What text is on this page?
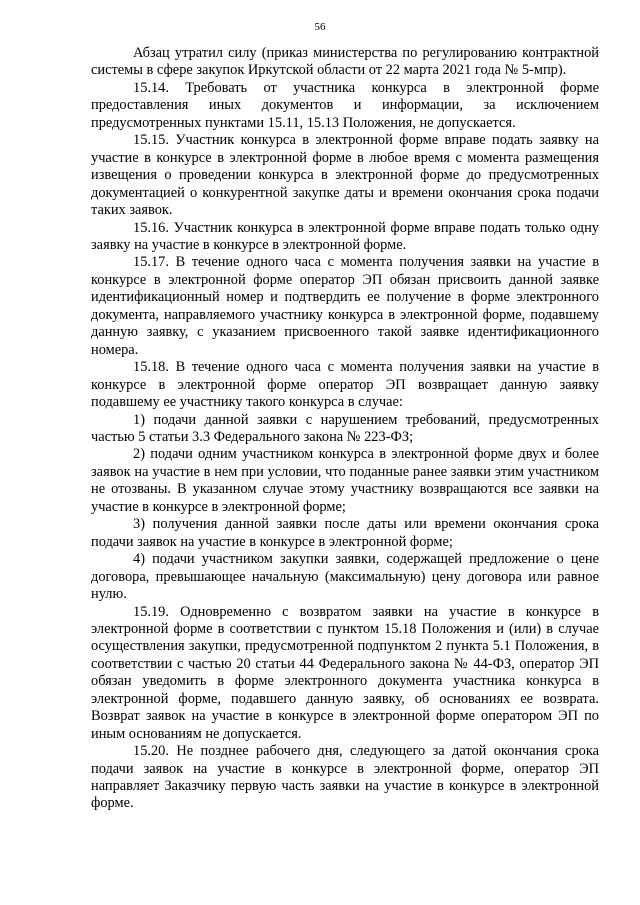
56

Абзац утратил силу (приказ министерства по регулированию контрактной системы в сфере закупок Иркутской области от 22 марта 2021 года № 5-мпр).

15.14. Требовать от участника конкурса в электронной форме предоставления иных документов и информации, за исключением предусмотренных пунктами 15.11, 15.13 Положения, не допускается.

15.15. Участник конкурса в электронной форме вправе подать заявку на участие в конкурсе в электронной форме в любое время с момента размещения извещения о проведении конкурса в электронной форме до предусмотренных документацией о конкурентной закупке даты и времени окончания срока подачи таких заявок.

15.16. Участник конкурса в электронной форме вправе подать только одну заявку на участие в конкурсе в электронной форме.

15.17. В течение одного часа с момента получения заявки на участие в конкурсе в электронной форме оператор ЭП обязан присвоить данной заявке идентификационный номер и подтвердить ее получение в форме электронного документа, направляемого участнику конкурса в электронной форме, подавшему данную заявку, с указанием присвоенного такой заявке идентификационного номера.

15.18. В течение одного часа с момента получения заявки на участие в конкурсе в электронной форме оператор ЭП возвращает данную заявку подавшему ее участнику такого конкурса в случае:

1) подачи данной заявки с нарушением требований, предусмотренных частью 5 статьи 3.3 Федерального закона № 223-ФЗ;

2) подачи одним участником конкурса в электронной форме двух и более заявок на участие в нем при условии, что поданные ранее заявки этим участником не отозваны. В указанном случае этому участнику возвращаются все заявки на участие в конкурсе в электронной форме;

3) получения данной заявки после даты или времени окончания срока подачи заявок на участие в конкурсе в электронной форме;

4) подачи участником закупки заявки, содержащей предложение о цене договора, превышающее начальную (максимальную) цену договора или равное нулю.

15.19. Одновременно с возвратом заявки на участие в конкурсе в электронной форме в соответствии с пунктом 15.18 Положения и (или) в случае осуществления закупки, предусмотренной подпунктом 2 пункта 5.1 Положения, в соответствии с частью 20 статьи 44 Федерального закона № 44-ФЗ, оператор ЭП обязан уведомить в форме электронного документа участника конкурса в электронной форме, подавшего данную заявку, об основаниях ее возврата. Возврат заявок на участие в конкурсе в электронной форме оператором ЭП по иным основаниям не допускается.

15.20. Не позднее рабочего дня, следующего за датой окончания срока подачи заявок на участие в конкурсе в электронной форме, оператор ЭП направляет Заказчику первую часть заявки на участие в конкурсе в электронной форме.
